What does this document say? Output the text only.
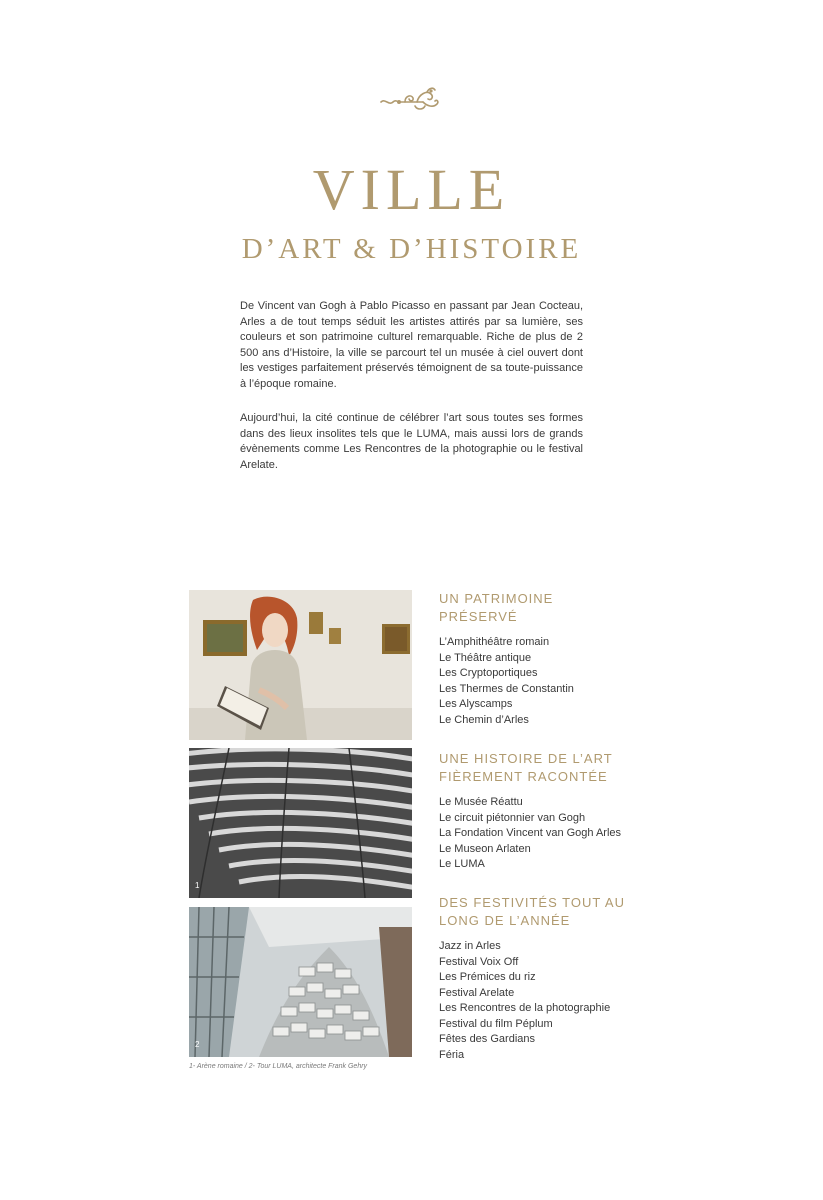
VILLE
D’ART & D’HISTOIRE

De Vincent van Gogh à Pablo Picasso en passant par Jean Cocteau, Arles a de tout temps séduit les artistes attirés par sa lumière, ses couleurs et son patrimoine culturel remarquable. Riche de plus de 2 500 ans d’Histoire, la ville se parcourt tel un musée à ciel ouvert dont les vestiges parfaitement préservés témoignent de sa toute-puissance à l’époque romaine.

Aujourd’hui, la cité continue de célébrer l’art sous toutes ses formes dans des lieux insolites tels que le LUMA, mais aussi lors de grands évènements comme Les Rencontres de la photographie ou le festival Arelate.

1
2
1- Arène romaine / 2- Tour LUMA, architecte Frank Gehry
UN PATRIMOINE PRÉSERVÉ
L’Amphithéâtre romain
Le Théâtre antique
Les Cryptoportiques
Les Thermes de Constantin
Les Alyscamps
Le Chemin d’Arles
UNE HISTOIRE DE L’ART FIÈREMENT RACONTÉE
Le Musée Réattu
Le circuit piétonnier van Gogh
La Fondation Vincent van Gogh Arles
Le Museon Arlaten
Le LUMA
DES FESTIVITÉS TOUT AU LONG DE L’ANNÉE
Jazz in Arles
Festival Voix Off
Les Prémices du riz
Festival Arelate
Les Rencontres de la photographie
Festival du film Péplum
Fêtes des Gardians
Féria
